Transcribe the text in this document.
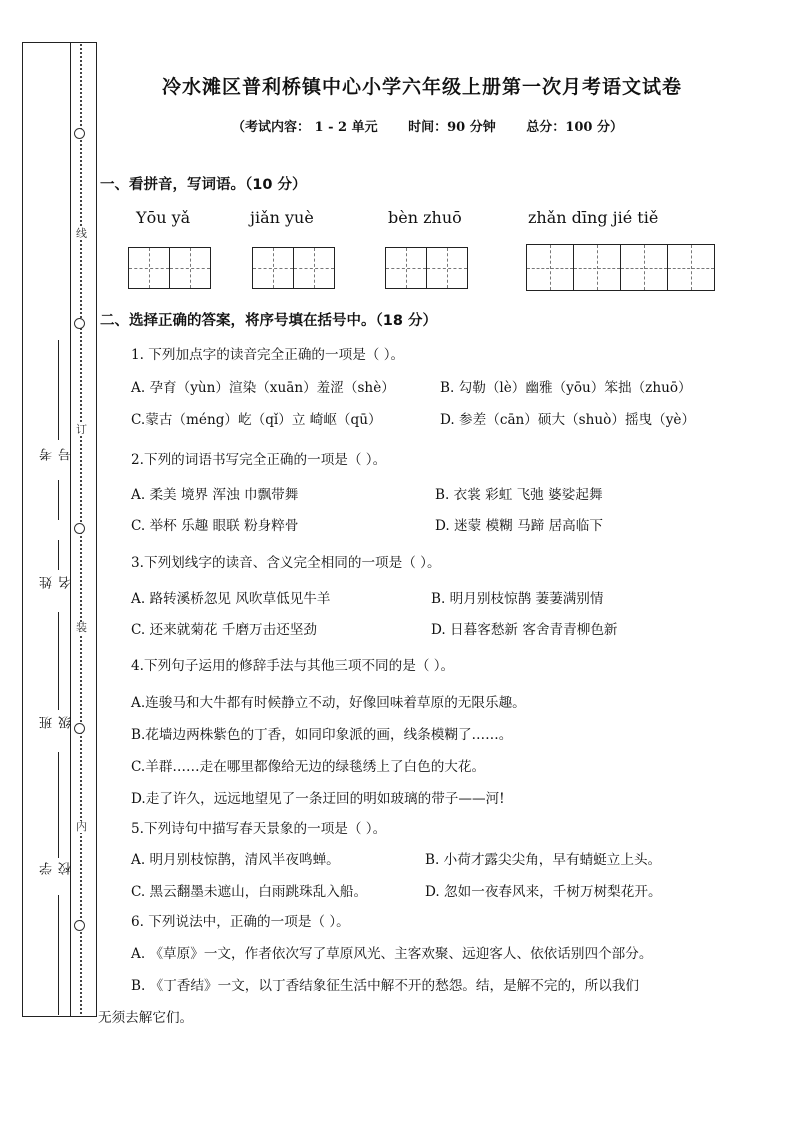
线
订
装
内
考号
姓名
班级
学校
冷水滩区普利桥镇中心小学六年级上册第一次月考语文试卷
（考试内容： 1 - 2 单元 时间：90 分钟 总分：100 分）
一、看拼音，写词语。（10 分）
Yōu yǎ	jiǎn yuè	bèn zhuō	zhǎn dīng jié tiě
二、选择正确的答案，将序号填在括号中。（18 分）
1. 下列加点字的读音完全正确的一项是（ ）。
A. 孕育（yùn）渲染（xuān）羞涩（shè）	B. 勾勒（lè）幽雅（yōu）笨拙（zhuō）
C.蒙古（méng）屹（qǐ）立 崎岖（qū）	D. 参差（cān）硕大（shuò）摇曳（yè）
2.下列的词语书写完全正确的一项是（ ）。
A. 柔美 境界 浑浊 巾飘带舞	B. 衣裳 彩虹 飞弛 婆娑起舞
C. 举杯 乐趣 眼联 粉身粹骨	D. 迷蒙 模糊 马蹄 居高临下
3.下列划线字的读音、含义完全相同的一项是（ ）。
A. 路转溪桥忽见 风吹草低见牛羊	B. 明月别枝惊鹊 萋萋满别情
C. 还来就菊花 千磨万击还坚劲	D. 日暮客愁新 客舍青青柳色新
4.下列句子运用的修辞手法与其他三项不同的是（ ）。
A.连骏马和大牛都有时候静立不动，好像回味着草原的无限乐趣。
B.花墙边两株紫色的丁香，如同印象派的画，线条模糊了……。
C.羊群……走在哪里都像给无边的绿毯绣上了白色的大花。
D.走了许久，远远地望见了一条迂回的明如玻璃的带子——河!
5.下列诗句中描写春天景象的一项是（ ）。
A. 明月别枝惊鹊，清风半夜鸣蝉。	B. 小荷才露尖尖角，早有蜻蜓立上头。
C. 黑云翻墨未遮山，白雨跳珠乱入船。	D. 忽如一夜春风来，千树万树梨花开。
6. 下列说法中，正确的一项是（ ）。
A. 《草原》一文，作者依次写了草原风光、主客欢聚、远迎客人、依依话别四个部分。
B. 《丁香结》一文，以丁香结象征生活中解不开的愁怨。结，是解不完的，所以我们
无须去解它们。
